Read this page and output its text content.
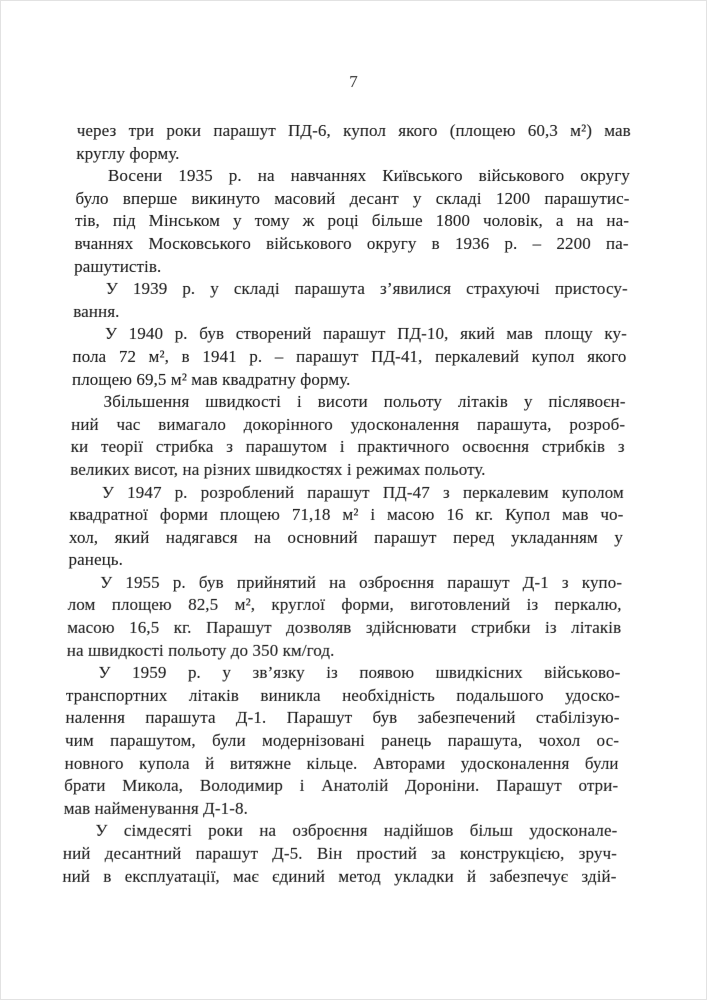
7
через три роки парашут ПД-6, купол якого (площею 60,3 м²) мав
круглу форму.
Восени 1935 р. на навчаннях Київського військового округу
було вперше викинуто масовий десант у складі 1200 парашутис-
тів, під Мінськом у тому ж році більше 1800 чоловік, а на на-
вчаннях Московського військового округу в 1936 р. – 2200 па-
рашутистів.
У 1939 р. у складі парашута з’явилися страхуючі пристосу-
вання.
У 1940 р. був створений парашут ПД-10, який мав площу ку-
пола 72 м², в 1941 р. – парашут ПД-41, перкалевий купол якого
площею 69,5 м² мав квадратну форму.
Збільшення швидкості і висоти польоту літаків у післявоєн-
ний час вимагало докорінного удосконалення парашута, розроб-
ки теорії стрибка з парашутом і практичного освоєння стрибків з
великих висот, на різних швидкостях і режимах польоту.
У 1947 р. розроблений парашут ПД-47 з перкалевим куполом
квадратної форми площею 71,18 м² і масою 16 кг. Купол мав чо-
хол, який надягався на основний парашут перед укладанням у
ранець.
У 1955 р. був прийнятий на озброєння парашут Д-1 з купо-
лом площею 82,5 м², круглої форми, виготовлений із перкалю,
масою 16,5 кг. Парашут дозволяв здійснювати стрибки із літаків
на швидкості польоту до 350 км/год.
У 1959 р. у зв’язку із появою швидкісних військово-
транспортних літаків виникла необхідність подальшого удоско-
налення парашута Д-1. Парашут був забезпечений стабілізую-
чим парашутом, були модернізовані ранець парашута, чохол ос-
новного купола й витяжне кільце. Авторами удосконалення були
брати Микола, Володимир і Анатолій Дороніни. Парашут отри-
мав найменування Д-1-8.
У сімдесяті роки на озброєння надійшов більш удосконале-
ний десантний парашут Д-5. Він простий за конструкцією, зруч-
ний в експлуатації, має єдиний метод укладки й забезпечує здій-
